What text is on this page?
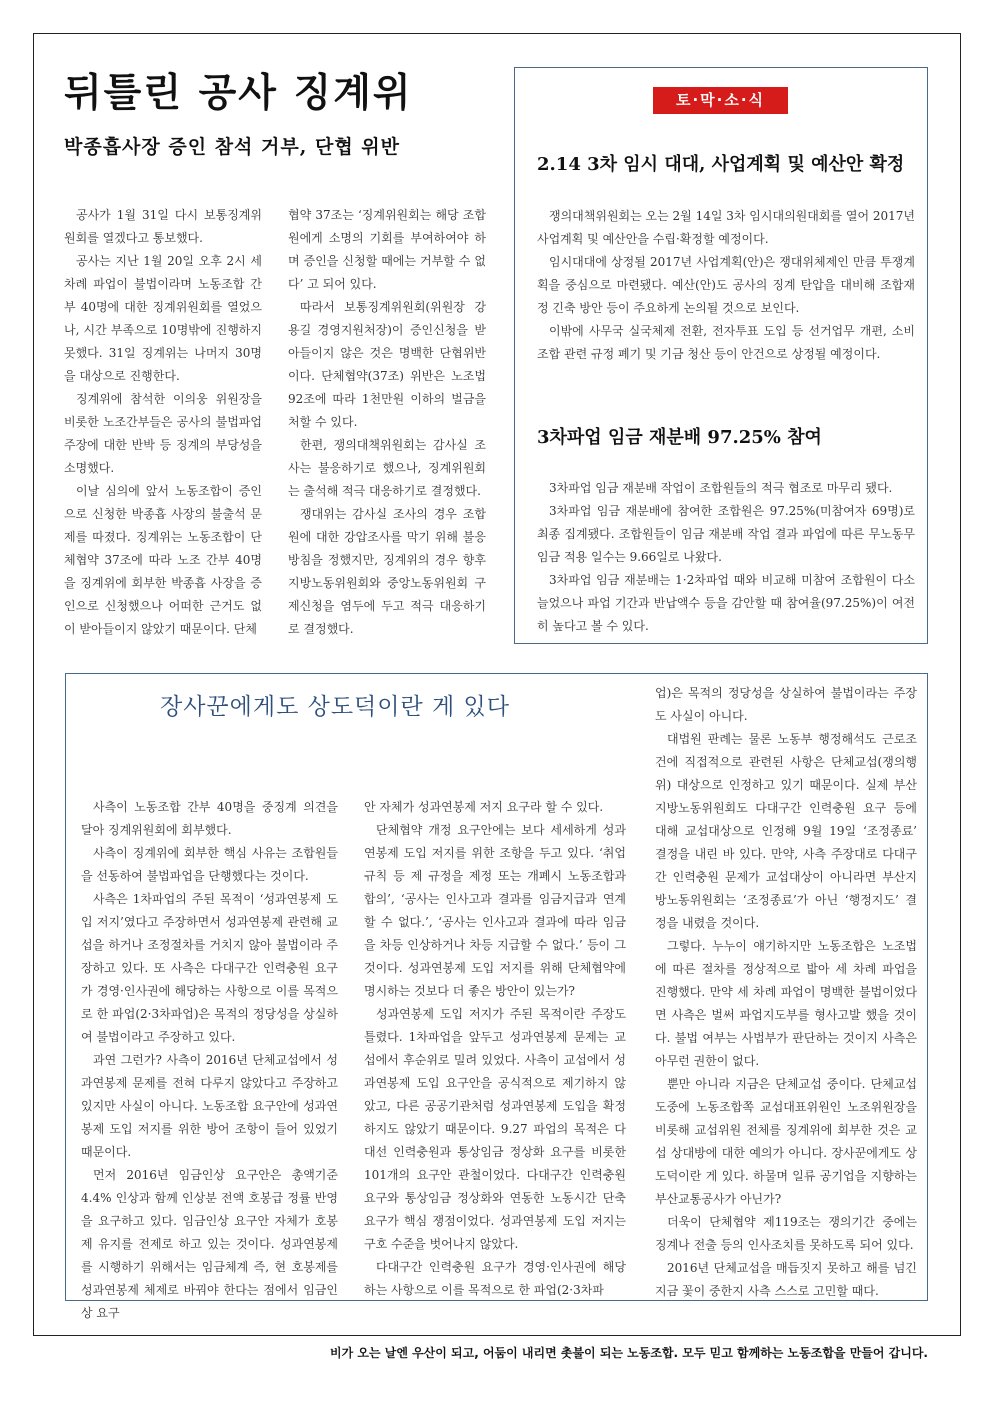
뒤틀린 공사 징계위
박종흡사장 증인 참석 거부, 단협 위반

공사가 1월 31일 다시 보통징계위원회를 열겠다고 통보했다.

공사는 지난 1월 20일 오후 2시 세 차례 파업이 불법이라며 노동조합 간부 40명에 대한 징계위원회를 열었으나, 시간 부족으로 10명밖에 진행하지 못했다. 31일 징계위는 나머지 30명을 대상으로 진행한다.

징계위에 참석한 이의웅 위원장을 비롯한 노조간부들은 공사의 불법파업 주장에 대한 반박 등 징계의 부당성을 소명했다.

이날 심의에 앞서 노동조합이 증인으로 신청한 박종흡 사장의 불출석 문제를 따졌다. 징계위는 노동조합이 단체협약 37조에 따라 노조 간부 40명을 징계위에 회부한 박종흡 사장을 증인으로 신청했으나 어떠한 근거도 없이 받아들이지 않았기 때문이다. 단체

협약 37조는 ‘징계위원회는 해당 조합원에게 소명의 기회를 부여하여야 하며 증인을 신청할 때에는 거부할 수 없다’ 고 되어 있다.

따라서 보통징계위원회(위원장 강용길 경영지원처장)이 증인신청을 받아들이지 않은 것은 명백한 단협위반이다. 단체협약(37조) 위반은 노조법 92조에 따라 1천만원 이하의 벌금을 처할 수 있다.

한편, 쟁의대책위원회는 감사실 조사는 불응하기로 했으나, 징계위원회는 출석해 적극 대응하기로 결정했다.

쟁대위는 감사실 조사의 경우 조합원에 대한 강압조사를 막기 위해 불응방침을 정했지만, 징계위의 경우 향후 지방노동위원회와 중앙노동위원회 구제신청을 염두에 두고 적극 대응하기로 결정했다.

토·막·소·식
2.14 3차 임시 대대, 사업계획 및 예산안 확정

쟁의대책위원회는 오는 2월 14일 3차 임시대의원대회를 열어 2017년 사업계획 및 예산안을 수립·확정할 예정이다.

임시대대에 상정될 2017년 사업계획(안)은 쟁대위체제인 만큼 투쟁계획을 중심으로 마련됐다. 예산(안)도 공사의 징계 탄압을 대비해 조합재정 긴축 방안 등이 주요하게 논의될 것으로 보인다.

이밖에 사무국 실국체제 전환, 전자투표 도입 등 선거업무 개편, 소비조합 관련 규정 폐기 및 기금 청산 등이 안건으로 상정될 예정이다.

3차파업 임금 재분배 97.25% 참여

3차파업 임금 재분배 작업이 조합원들의 적극 협조로 마무리 됐다.

3차파업 임금 재분배에 참여한 조합원은 97.25%(미참여자 69명)로 최종 집계됐다. 조합원들이 임금 재분배 작업 결과 파업에 따른 무노동무임금 적용 일수는 9.66일로 나왔다.

3차파업 임금 재분배는 1·2차파업 때와 비교해 미참여 조합원이 다소 늘었으나 파업 기간과 반납액수 등을 감안할 때 참여율(97.25%)이 여전히 높다고 볼 수 있다.

장사꾼에게도 상도덕이란 게 있다

사측이 노동조합 간부 40명을 중징계 의견을 달아 징계위원회에 회부했다.

사측이 징계위에 회부한 핵심 사유는 조합원들을 선동하여 불법파업을 단행했다는 것이다.

사측은 1차파업의 주된 목적이 ‘성과연봉제 도입 저지’였다고 주장하면서 성과연봉제 관련해 교섭을 하거나 조정절차를 거치지 않아 불법이라 주장하고 있다. 또 사측은 다대구간 인력충원 요구가 경영·인사권에 해당하는 사항으로 이를 목적으로 한 파업(2·3차파업)은 목적의 정당성을 상실하여 불법이라고 주장하고 있다.

과연 그런가? 사측이 2016년 단체교섭에서 성과연봉제 문제를 전혀 다루지 않았다고 주장하고 있지만 사실이 아니다. 노동조합 요구안에 성과연봉제 도입 저지를 위한 방어 조항이 들어 있었기 때문이다.

먼저 2016년 임금인상 요구안은 총액기준 4.4% 인상과 함께 인상분 전액 호봉급 정률 반영을 요구하고 있다. 임금인상 요구안 자체가 호봉제 유지를 전제로 하고 있는 것이다. 성과연봉제를 시행하기 위해서는 임금체계 즉, 현 호봉제를 성과연봉제 체제로 바꿔야 한다는 점에서 임금인상 요구

안 자체가 성과연봉제 저지 요구라 할 수 있다.

단체협약 개정 요구안에는 보다 세세하게 성과연봉제 도입 저지를 위한 조항을 두고 있다. ‘취업규칙 등 제 규정을 제정 또는 개폐시 노동조합과 합의’, ‘공사는 인사고과 결과를 임금지급과 연계할 수 없다.’, ‘공사는 인사고과 결과에 따라 임금을 차등 인상하거나 차등 지급할 수 없다.’ 등이 그것이다. 성과연봉제 도입 저지를 위해 단체협약에 명시하는 것보다 더 좋은 방안이 있는가?

성과연봉제 도입 저지가 주된 목적이란 주장도 틀렸다. 1차파업을 앞두고 성과연봉제 문제는 교섭에서 후순위로 밀려 있었다. 사측이 교섭에서 성과연봉제 도입 요구안을 공식적으로 제기하지 않았고, 다른 공공기관처럼 성과연봉제 도입을 확정하지도 않았기 때문이다. 9.27 파업의 목적은 다대선 인력충원과 통상임금 정상화 요구를 비롯한 101개의 요구안 관철이었다. 다대구간 인력충원 요구와 통상임금 정상화와 연동한 노동시간 단축 요구가 핵심 쟁점이었다. 성과연봉제 도입 저지는 구호 수준을 벗어나지 않았다.

다대구간 인력충원 요구가 경영·인사권에 해당하는 사항으로 이를 목적으로 한 파업(2·3차파

업)은 목적의 정당성을 상실하여 불법이라는 주장도 사실이 아니다.

대법원 판례는 물론 노동부 행정해석도 근로조건에 직접적으로 관련된 사항은 단체교섭(쟁의행위) 대상으로 인정하고 있기 때문이다. 실제 부산지방노동위원회도 다대구간 인력충원 요구 등에 대해 교섭대상으로 인정해 9월 19일 ‘조정종료’ 결정을 내린 바 있다. 만약, 사측 주장대로 다대구간 인력충원 문제가 교섭대상이 아니라면 부산지방노동위원회는 ‘조정종료’가 아닌 ‘행정지도’ 결정을 내렸을 것이다.

그렇다. 누누이 얘기하지만 노동조합은 노조법에 따른 절차를 정상적으로 밟아 세 차례 파업을 진행했다. 만약 세 차례 파업이 명백한 불법이었다면 사측은 벌써 파업지도부를 형사고발 했을 것이다. 불법 여부는 사법부가 판단하는 것이지 사측은 아무런 권한이 없다.

뿐만 아니라 지금은 단체교섭 중이다. 단체교섭 도중에 노동조합쪽 교섭대표위원인 노조위원장을 비롯해 교섭위원 전체를 징계위에 회부한 것은 교섭 상대방에 대한 예의가 아니다. 장사꾼에게도 상도덕이란 게 있다. 하물며 일류 공기업을 지향하는 부산교통공사가 아닌가?

더욱이 단체협약 제119조는 쟁의기간 중에는 징계나 전출 등의 인사조치를 못하도록 되어 있다.

2016년 단체교섭을 매듭짓지 못하고 해를 넘긴 지금 꽃이 중한지 사측 스스로 고민할 때다.

비가 오는 날엔 우산이 되고, 어둠이 내리면 촛불이 되는 노동조합. 모두 믿고 함께하는 노동조합을 만들어 갑니다.
